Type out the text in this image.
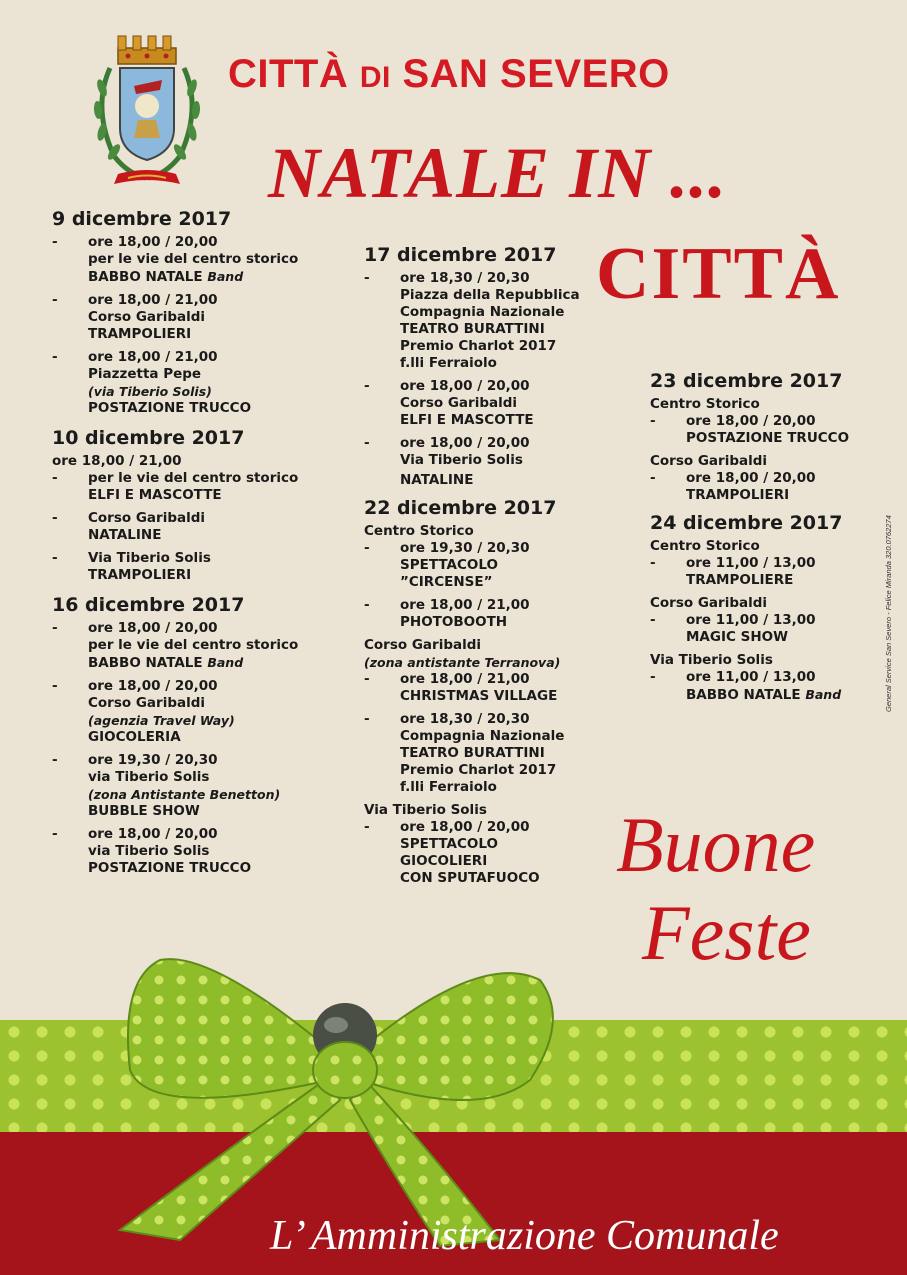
CITTÀ DI SAN SEVERO
NATALE IN ...
CITTÀ
9 dicembre 2017
- ore 18,00 / 20,00
per le vie del centro storico
BABBO NATALE Band
- ore 18,00 / 21,00
Corso Garibaldi
TRAMPOLIERI
- ore 18,00 / 21,00
Piazzetta Pepe
(via Tiberio Solis)
POSTAZIONE TRUCCO
10 dicembre 2017
ore 18,00 / 21,00
- per le vie del centro storico
ELFI E MASCOTTE
- Corso Garibaldi
NATALINE
- Via Tiberio Solis
TRAMPOLIERI
16 dicembre 2017
- ore 18,00 / 20,00
per le vie del centro storico
BABBO NATALE Band
- ore 18,00 / 20,00
Corso Garibaldi
(agenzia Travel Way)
GIOCOLERIA
- ore 19,30 / 20,30
via Tiberio Solis
(zona Antistante Benetton)
BUBBLE SHOW
- ore 18,00 / 20,00
via Tiberio Solis
POSTAZIONE TRUCCO
17 dicembre 2017
- ore 18,30 / 20,30
Piazza della Repubblica
Compagnia Nazionale
TEATRO BURATTINI
Premio Charlot 2017
f.lli Ferraiolo
- ore 18,00 / 20,00
Corso Garibaldi
ELFI E MASCOTTE
- ore 18,00 / 20,00
Via Tiberio Solis
NATALINE
22 dicembre 2017
Centro Storico
- ore 19,30 / 20,30
SPETTACOLO
”CIRCENSE”
- ore 18,00 / 21,00
PHOTOBOOTH
Corso Garibaldi
(zona antistante Terranova)
- ore 18,00 / 21,00
CHRISTMAS VILLAGE
- ore 18,30 / 20,30
Compagnia Nazionale
TEATRO BURATTINI
Premio Charlot 2017
f.lli Ferraiolo
Via Tiberio Solis
- ore 18,00 / 20,00
SPETTACOLO
GIOCOLIERI
CON SPUTAFUOCO
23 dicembre 2017
Centro Storico
- ore 18,00 / 20,00
POSTAZIONE TRUCCO
Corso Garibaldi
- ore 18,00 / 20,00
TRAMPOLIERI
24 dicembre 2017
Centro Storico
- ore 11,00 / 13,00
TRAMPOLIERE
Corso Garibaldi
- ore 11,00 / 13,00
MAGIC SHOW
Via Tiberio Solis
- ore 11,00 / 13,00
BABBO NATALE Band	General Service San Severo - Felice Miranda 320.0762274
Buone
Feste
L’ Amministrazione Comunale
